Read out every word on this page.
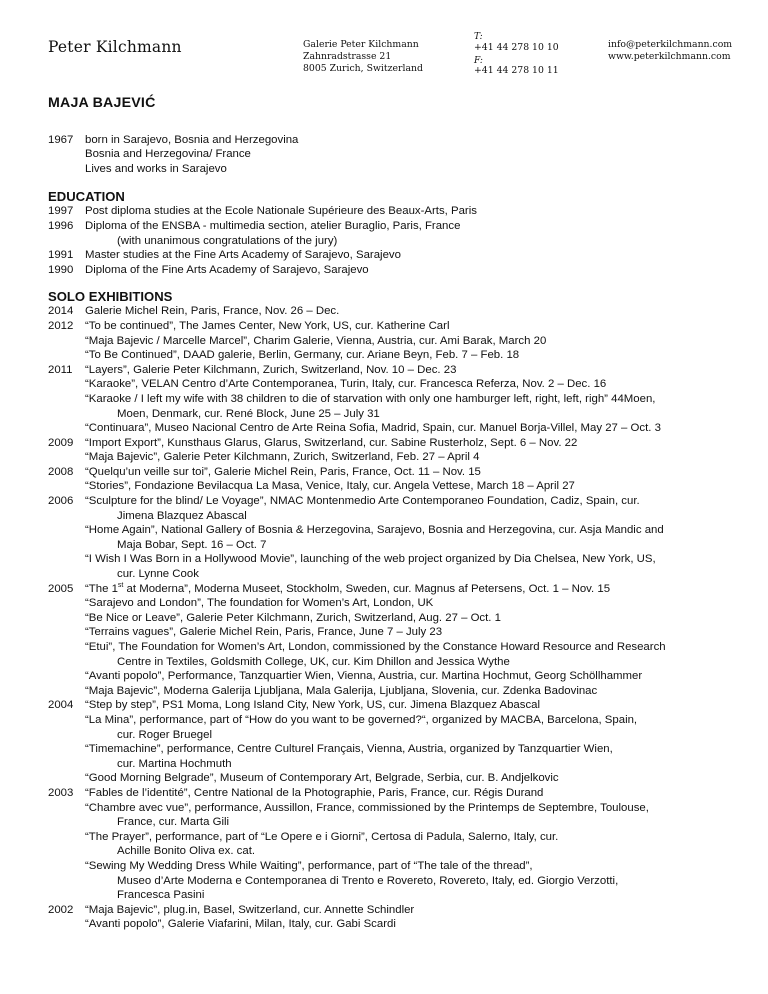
Peter Kilchmann	Galerie Peter Kilchmann
Zahnradstrasse 21
8005 Zurich, Switzerland
T:
+41 44 278 10 10
F:
+41 44 278 10 11
info@peterkilchmann.com
www.peterkilchmann.com
MAJA BAJEVIĆ
1967	born in Sarajevo, Bosnia and Herzegovina
Bosnia and Herzegovina/ France
Lives and works in Sarajevo
EDUCATION
1997	Post diploma studies at the Ecole Nationale Supérieure des Beaux-Arts, Paris
1996	Diploma of the ENSBA - multimedia section, atelier Buraglio, Paris, France
(with unanimous congratulations of the jury)
1991	Master studies at the Fine Arts Academy of Sarajevo, Sarajevo
1990	Diploma of the Fine Arts Academy of Sarajevo, Sarajevo
SOLO EXHIBITIONS
2014	Galerie Michel Rein, Paris, France, Nov. 26 – Dec.
2012	“To be continued”, The James Center, New York, US, cur. Katherine Carl
“Maja Bajevic / Marcelle Marcel”, Charim Galerie, Vienna, Austria, cur. Ami Barak, March 20
“To Be Continued”, DAAD galerie, Berlin, Germany, cur. Ariane Beyn, Feb. 7 – Feb. 18
2011	“Layers”, Galerie Peter Kilchmann, Zurich, Switzerland, Nov. 10 – Dec. 23
“Karaoke”, VELAN Centro d’Arte Contemporanea, Turin, Italy, cur. Francesca Referza, Nov. 2 – Dec. 16
“Karaoke / I left my wife with 38 children to die of starvation with only one hamburger left, right, left, righ” 44Moen,
Moen, Denmark, cur. René Block, June 25 – July 31
“Continuara”, Museo Nacional Centro de Arte Reina Sofia, Madrid, Spain, cur. Manuel Borja-Villel, May 27 – Oct. 3
2009	“Import Export”, Kunsthaus Glarus, Glarus, Switzerland, cur. Sabine Rusterholz, Sept. 6 – Nov. 22
“Maja Bajevic”, Galerie Peter Kilchmann, Zurich, Switzerland, Feb. 27 – April 4
2008	“Quelqu’un veille sur toi”, Galerie Michel Rein, Paris, France, Oct. 11 – Nov. 15
“Stories”, Fondazione Bevilacqua La Masa, Venice, Italy, cur. Angela Vettese, March 18 – April 27
2006	“Sculpture for the blind/ Le Voyage”, NMAC Montenmedio Arte Contemporaneo Foundation, Cadiz, Spain, cur.
Jimena Blazquez Abascal
“Home Again”, National Gallery of Bosnia & Herzegovina, Sarajevo, Bosnia and Herzegovina, cur. Asja Mandic and
Maja Bobar, Sept. 16 – Oct. 7
“I Wish I Was Born in a Hollywood Movie”, launching of the web project organized by Dia Chelsea, New York, US,
cur. Lynne Cook
2005	“The 1st at Moderna”, Moderna Museet, Stockholm, Sweden, cur. Magnus af Petersens, Oct. 1 – Nov. 15
“Sarajevo and London”, The foundation for Women’s Art, London, UK
“Be Nice or Leave”, Galerie Peter Kilchmann, Zurich, Switzerland, Aug. 27 – Oct. 1
“Terrains vagues”, Galerie Michel Rein, Paris, France, June 7 – July 23
“Etui”, The Foundation for Women’s Art, London, commissioned by the Constance Howard Resource and Research
Centre in Textiles, Goldsmith College, UK, cur. Kim Dhillon and Jessica Wythe
“Avanti popolo”, Performance, Tanzquartier Wien, Vienna, Austria, cur. Martina Hochmut, Georg Schöllhammer
“Maja Bajevic”, Moderna Galerija Ljubljana, Mala Galerija, Ljubljana, Slovenia, cur. Zdenka Badovinac
2004	“Step by step”, PS1 Moma, Long Island City, New York, US, cur. Jimena Blazquez Abascal
“La Mina”, performance, part of “How do you want to be governed?“, organized by MACBA, Barcelona, Spain,
cur. Roger Bruegel
“Timemachine”, performance, Centre Culturel Français, Vienna, Austria, organized by Tanzquartier Wien,
cur. Martina Hochmuth
“Good Morning Belgrade”, Museum of Contemporary Art, Belgrade, Serbia, cur. B. Andjelkovic
2003	“Fables de l’identité”, Centre National de la Photographie, Paris, France, cur. Régis Durand
“Chambre avec vue”, performance, Aussillon, France, commissioned by the Printemps de Septembre, Toulouse,
France, cur. Marta Gili
“The Prayer”, performance, part of “Le Opere e i Giorni”, Certosa di Padula, Salerno, Italy, cur.
Achille Bonito Oliva ex. cat.
“Sewing My Wedding Dress While Waiting”, performance, part of “The tale of the thread”,
Museo d’Arte Moderna e Contemporanea di Trento e Rovereto, Rovereto, Italy, ed. Giorgio Verzotti,
Francesca Pasini
2002	“Maja Bajevic”, plug.in, Basel, Switzerland, cur. Annette Schindler
“Avanti popolo”, Galerie Viafarini, Milan, Italy, cur. Gabi Scardi
